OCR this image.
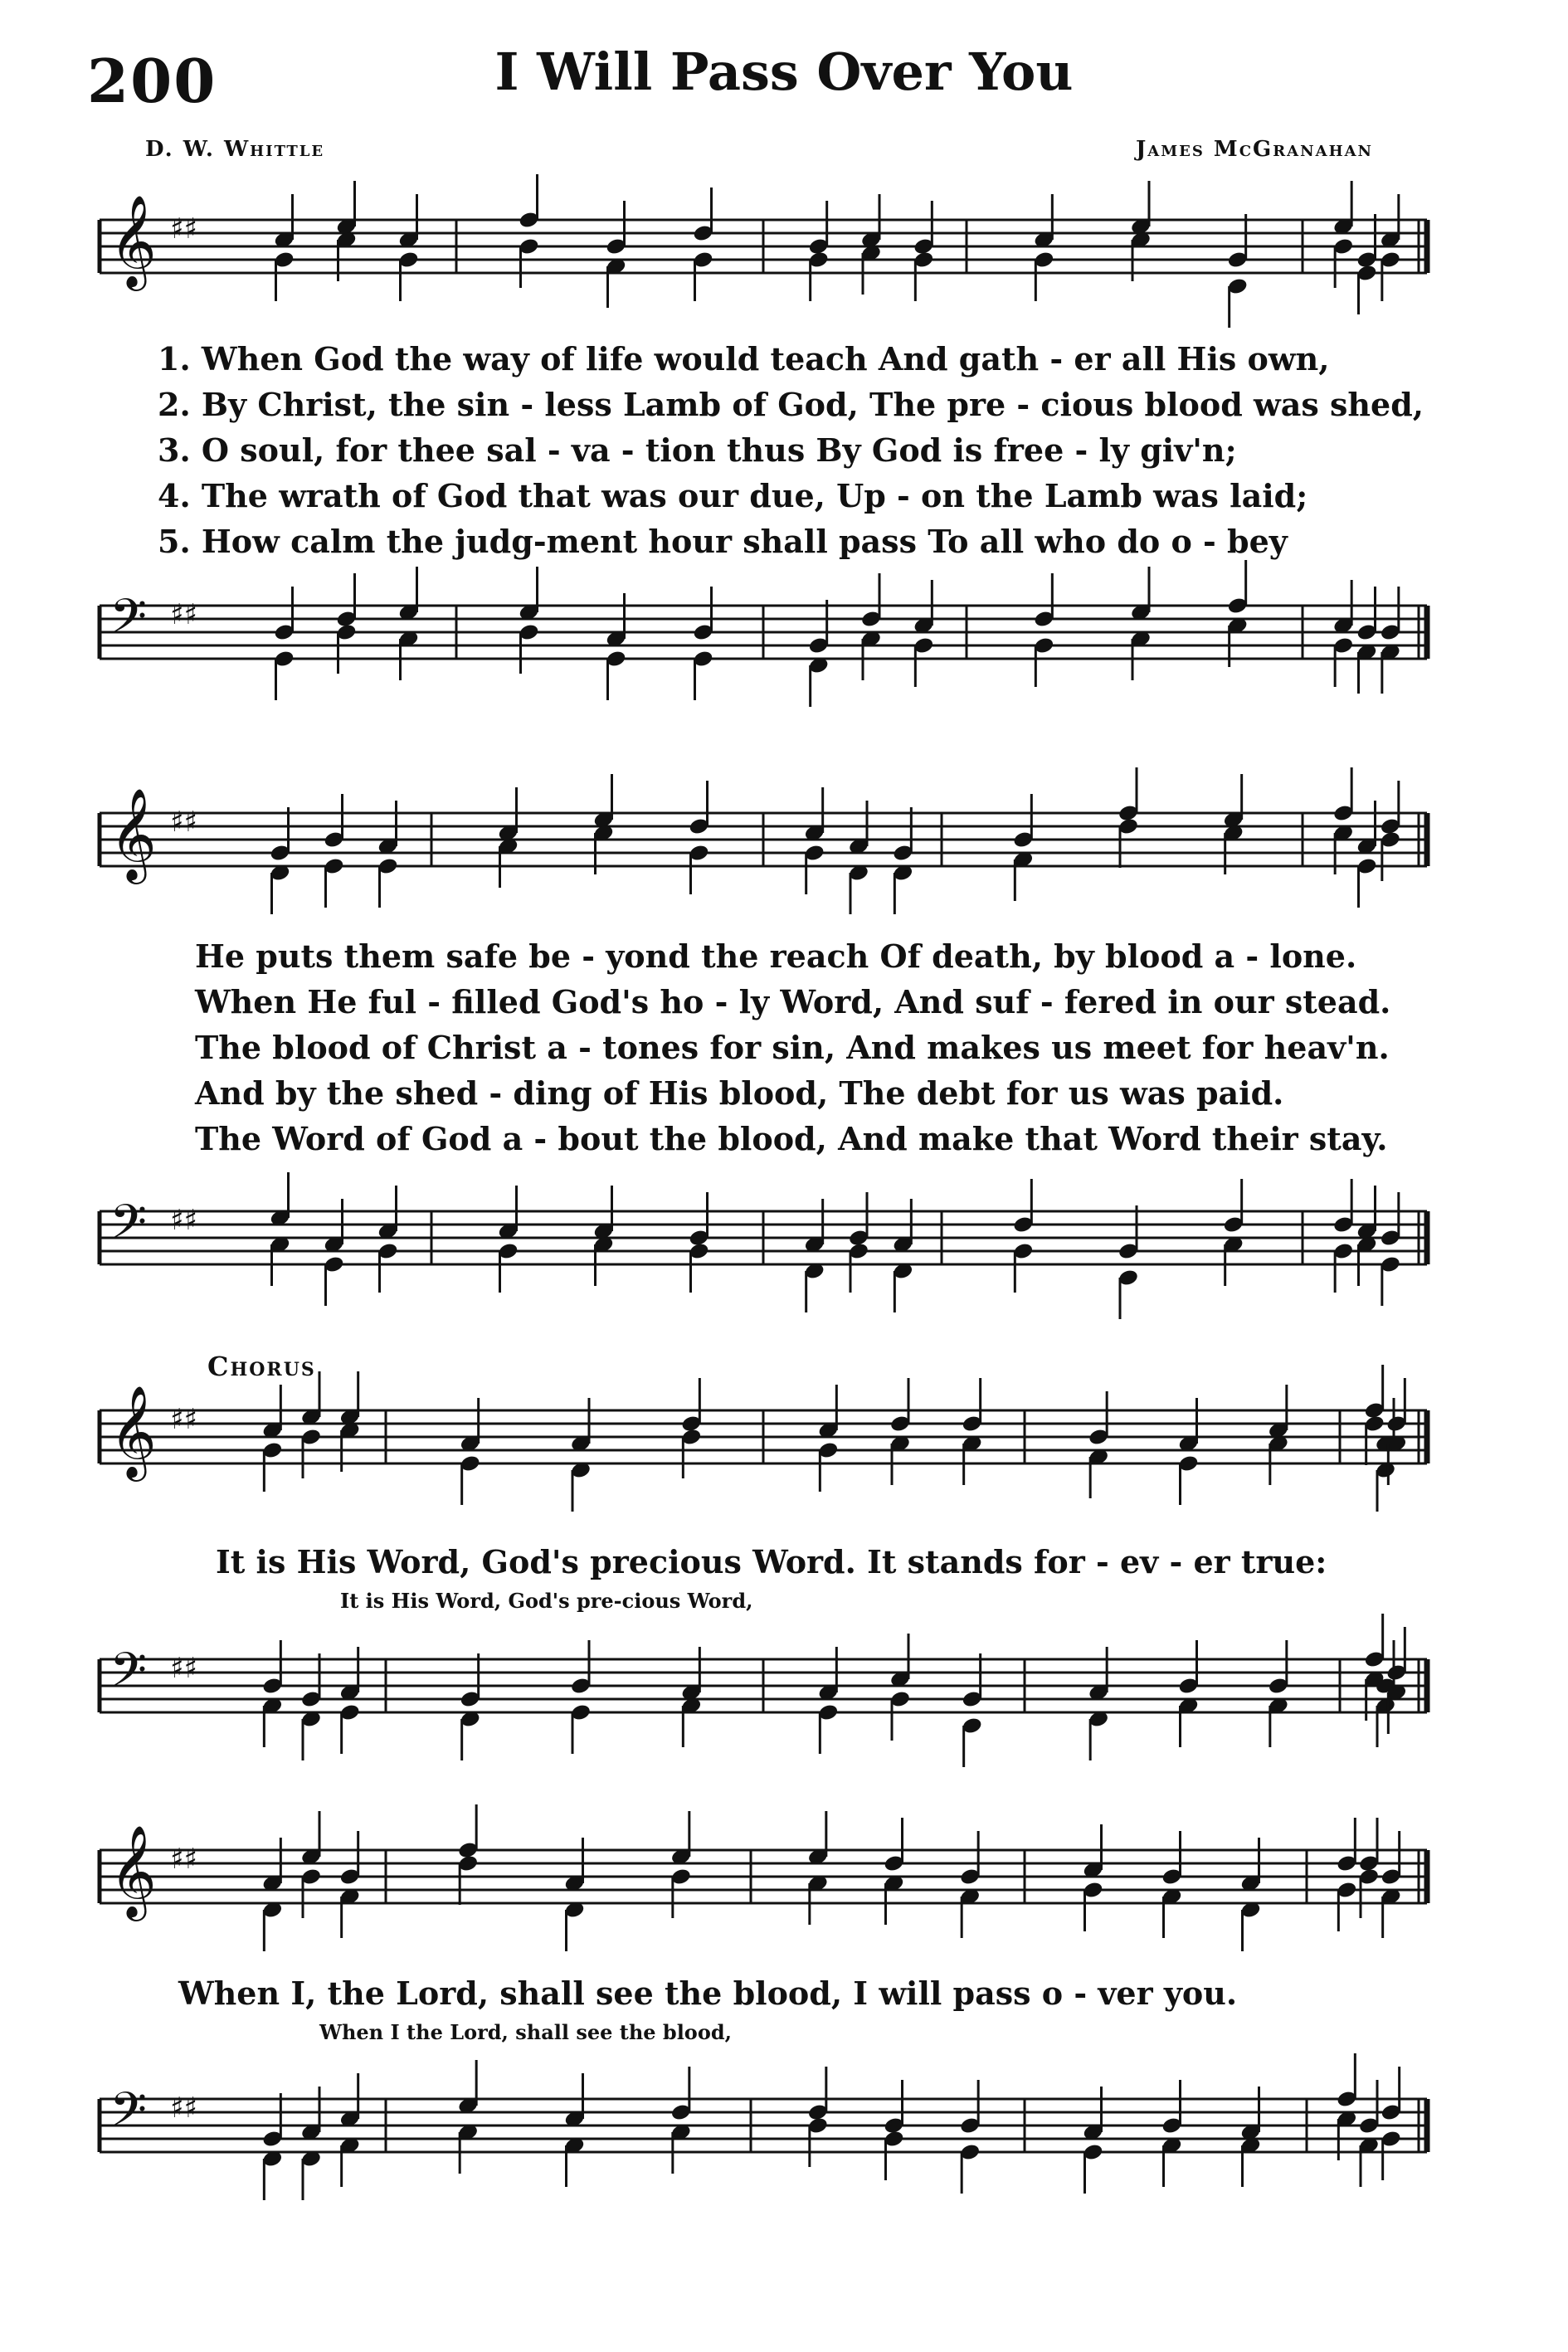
200	I Will Pass Over You
D. W. Whittle	James McGranahan
𝄞 ♯♯
1. When God the way of life would teach And gath - er all His own,
2. By Christ, the sin - less Lamb of God, The pre - cious blood was shed,
3. O soul, for thee sal - va - tion thus By God is free - ly giv'n;
4. The wrath of God that was our due, Up - on the Lamb was laid;
5. How calm the judg-ment hour shall pass To all who do o - bey
𝄢 ♯♯
𝄞 ♯♯
He puts them safe be - yond the reach Of death, by blood a - lone.
When He ful - filled God's ho - ly Word, And suf - fered in our stead.
The blood of Christ a - tones for sin, And makes us meet for heav'n.
And by the shed - ding of His blood, The debt for us was paid.
The Word of God a - bout the blood, And make that Word their stay.
𝄢 ♯♯
Chorus
𝄞 ♯♯
It is His Word, God's precious Word. It stands for - ev - er true:
It is His Word, God's pre-cious Word,
𝄢 ♯♯
𝄞 ♯♯
When I, the Lord, shall see the blood, I will pass o - ver you.
When I the Lord, shall see the blood,
𝄢 ♯♯
